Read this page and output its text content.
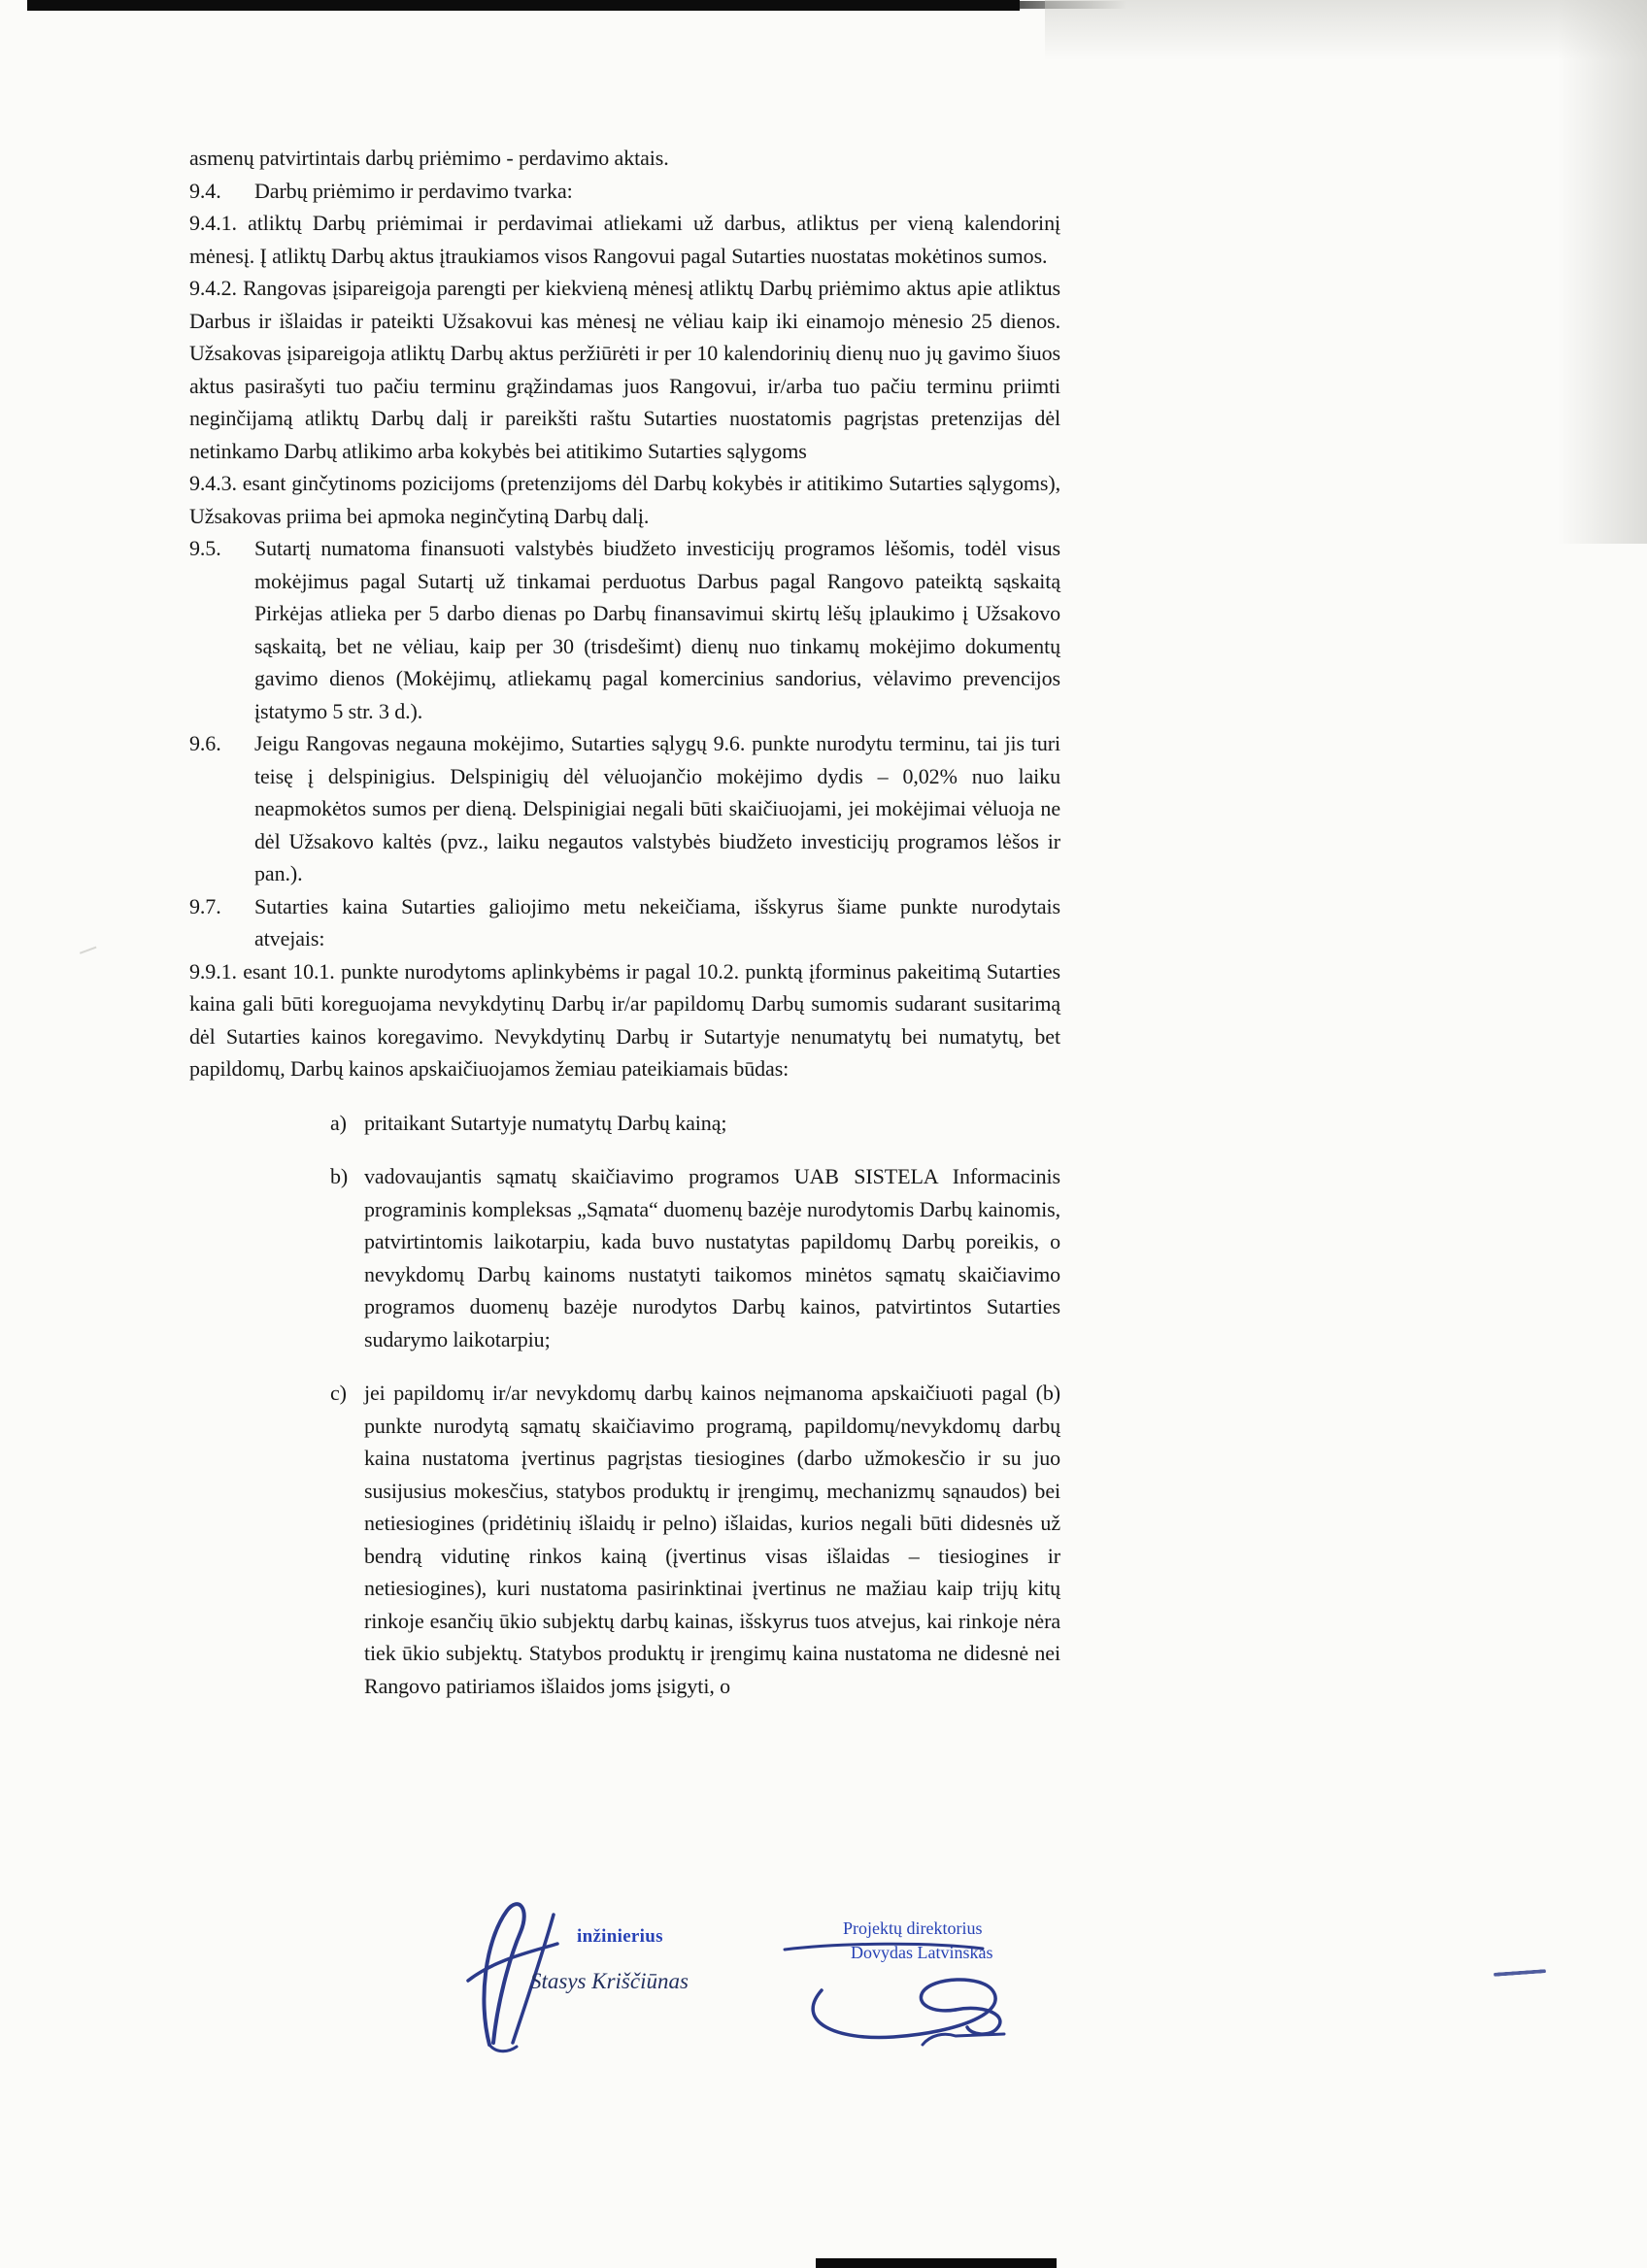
asmenų patvirtintais darbų priėmimo - perdavimo aktais.

9.4.	Darbų priėmimo ir perdavimo tvarka:

9.4.1. atliktų Darbų priėmimai ir perdavimai atliekami už darbus, atliktus per vieną kalendorinį mėnesį. Į atliktų Darbų aktus įtraukiamos visos Rangovui pagal Sutarties nuostatas mokėtinos sumos.

9.4.2. Rangovas įsipareigoja parengti per kiekvieną mėnesį atliktų Darbų priėmimo aktus apie atliktus Darbus ir išlaidas ir pateikti Užsakovui kas mėnesį ne vėliau kaip iki einamojo mėnesio 25 dienos. Užsakovas įsipareigoja atliktų Darbų aktus peržiūrėti ir per 10 kalendorinių dienų nuo jų gavimo šiuos aktus pasirašyti tuo pačiu terminu grąžindamas juos Rangovui, ir/arba tuo pačiu terminu priimti neginčijamą atliktų Darbų dalį ir pareikšti raštu Sutarties nuostatomis pagrįstas pretenzijas dėl netinkamo Darbų atlikimo arba kokybės bei atitikimo Sutarties sąlygoms

9.4.3. esant ginčytinoms pozicijoms (pretenzijoms dėl Darbų kokybės ir atitikimo Sutarties sąlygoms), Užsakovas priima bei apmoka neginčytiną Darbų dalį.

9.5.	Sutartį numatoma finansuoti valstybės biudžeto investicijų programos lėšomis, todėl visus mokėjimus pagal Sutartį už tinkamai perduotus Darbus pagal Rangovo pateiktą sąskaitą Pirkėjas atlieka per 5 darbo dienas po Darbų finansavimui skirtų lėšų įplaukimo į Užsakovo sąskaitą, bet ne vėliau, kaip per 30 (trisdešimt) dienų nuo tinkamų mokėjimo dokumentų gavimo dienos (Mokėjimų, atliekamų pagal komercinius sandorius, vėlavimo prevencijos įstatymo 5 str. 3 d.).
9.6.	Jeigu Rangovas negauna mokėjimo, Sutarties sąlygų 9.6. punkte nurodytu terminu, tai jis turi teisę į delspinigius. Delspinigių dėl vėluojančio mokėjimo dydis – 0,02% nuo laiku neapmokėtos sumos per dieną. Delspinigiai negali būti skaičiuojami, jei mokėjimai vėluoja ne dėl Užsakovo kaltės (pvz., laiku negautos valstybės biudžeto investicijų programos lėšos ir pan.).
9.7.	Sutarties kaina Sutarties galiojimo metu nekeičiama, išskyrus šiame punkte nurodytais atvejais:

9.9.1. esant 10.1. punkte nurodytoms aplinkybėms ir pagal 10.2. punktą įforminus pakeitimą Sutarties kaina gali būti koreguojama nevykdytinų Darbų ir/ar papildomų Darbų sumomis sudarant susitarimą dėl Sutarties kainos koregavimo. Nevykdytinų Darbų ir Sutartyje nenumatytų bei numatytų, bet papildomų, Darbų kainos apskaičiuojamos žemiau pateikiamais būdas:

a) pritaikant Sutartyje numatytų Darbų kainą;
b) vadovaujantis sąmatų skaičiavimo programos UAB SISTELA Informacinis programinis kompleksas „Sąmata“ duomenų bazėje nurodytomis Darbų kainomis, patvirtintomis laikotarpiu, kada buvo nustatytas papildomų Darbų poreikis, o nevykdomų Darbų kainoms nustatyti taikomos minėtos sąmatų skaičiavimo programos duomenų bazėje nurodytos Darbų kainos, patvirtintos Sutarties sudarymo laikotarpiu;
c) jei papildomų ir/ar nevykdomų darbų kainos neįmanoma apskaičiuoti pagal (b) punkte nurodytą sąmatų skaičiavimo programą, papildomų/nevykdomų darbų kaina nustatoma įvertinus pagrįstas tiesiogines (darbo užmokesčio ir su juo susijusius mokesčius, statybos produktų ir įrengimų, mechanizmų sąnaudos) bei netiesiogines (pridėtinių išlaidų ir pelno) išlaidas, kurios negali būti didesnės už bendrą vidutinę rinkos kainą (įvertinus visas išlaidas – tiesiogines ir netiesiogines), kuri nustatoma pasirinktinai įvertinus ne mažiau kaip trijų kitų rinkoje esančių ūkio subjektų darbų kainas, išskyrus tuos atvejus, kai rinkoje nėra tiek ūkio subjektų. Statybos produktų ir įrengimų kaina nustatoma ne didesnė nei Rangovo patiriamos išlaidos joms įsigyti, o
inžinierius
Stasys Kriščiūnas
Projektų direktorius
Dovydas Latvinskas
